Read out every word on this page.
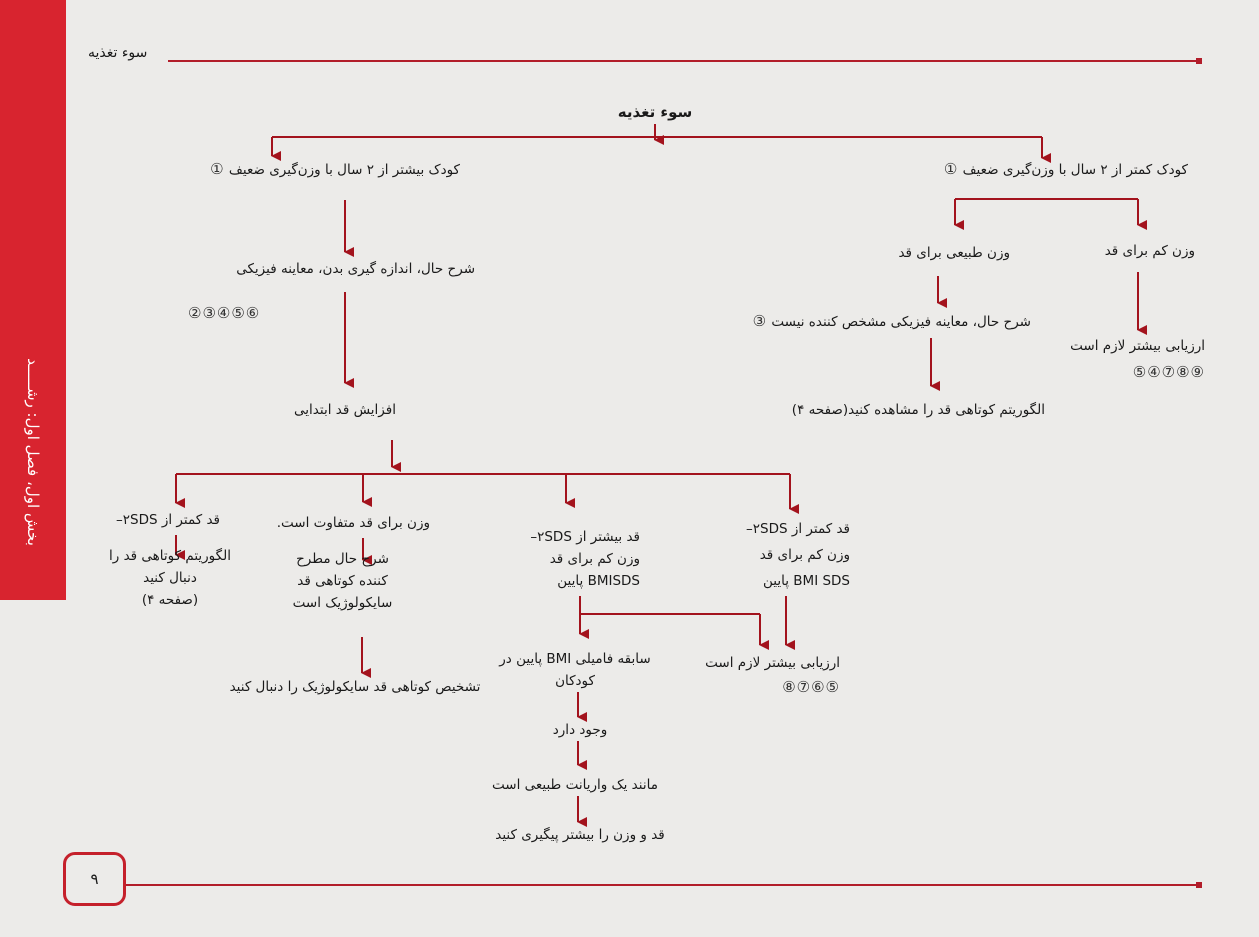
بخش اول، فصل اول: رشـــــد
سوء تغذیه
سوء تغذیه
کودک کمتر از ۲ سال با وزن‌گیری ضعیف ①
کودک بیشتر از ۲ سال با وزن‌گیری ضعیف ①
وزن کم برای قد
وزن طبیعی برای قد
شرح حال، معاینه فیزیکی مشخص کننده نیست ③
ارزیابی بیشتر لازم است
⑤④⑦⑧⑨
الگوریتم کوتاهی قد را مشاهده کنید(صفحه ۴)
شرح حال، اندازه گیری بدن، معاینه فیزیکی
②③④⑤⑥
افزایش قد ابتدایی
قد کمتر از ۲SDS–
وزن کم برای قد
BMI SDS پایین
قد بیشتر از ۲SDS–
وزن کم برای قد
BMISDS پایین
وزن برای قد متفاوت است.
شرح حال مطرح
کننده کوتاهی قد
سایکولوژیک است
قد کمتر از ۲SDS–
الگوریتم کوتاهی قد را
دنبال کنید
(صفحه ۴)
ارزیابی بیشتر لازم است
⑧⑦⑥⑤
سابقه فامیلی BMI پایین در
کودکان
وجود دارد
مانند یک واریانت طبیعی است
قد و وزن را بیشتر پیگیری کنید
تشخیص کوتاهی قد سایکولوژیک را دنبال کنید
۹
